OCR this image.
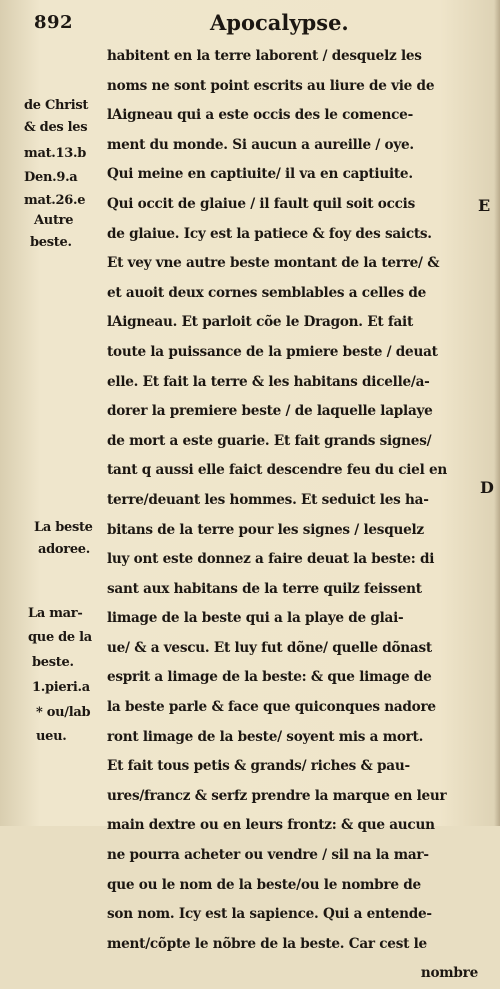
892	Apocalypse.
habitent en la terre laborent / desquelz les
noms ne sont point escrits au liure de vie de
lAigneau qui a este occis des le comence-
ment du monde. Si aucun a aureille / oye.
Qui meine en captiuite/ il va en captiuite.
Qui occit de glaiue / il fault quil soit occis
de glaiue. Icy est la patiece & foy des saicts.
Et vey vne autre beste montant de la terre/ &
et auoit deux cornes semblables a celles de
lAigneau. Et parloit cõe le Dragon. Et fait
toute la puissance de la pmiere beste / deuat
elle. Et fait la terre & les habitans dicelle/a-
dorer la premiere beste / de laquelle laplaye
de mort a este guarie. Et fait grands signes/
tant q aussi elle faict descendre feu du ciel en
terre/deuant les hommes. Et seduict les ha-
bitans de la terre pour les signes / lesquelz
luy ont este donnez a faire deuat la beste: di
sant aux habitans de la terre quilz feissent
limage de la beste qui a la playe de glai-
ue/ & a vescu. Et luy fut dõne/ quelle dõnast
esprit a limage de la beste: & que limage de
la beste parle & face que quiconques nadore
ront limage de la beste/ soyent mis a mort.
Et fait tous petis & grands/ riches & pau-
ures/francz & serfz prendre la marque en leur
main dextre ou en leurs frontz: & que aucun
ne pourra acheter ou vendre / sil na la mar-
que ou le nom de la beste/ou le nombre de
son nom. Icy est la sapience. Qui a entende-
ment/cõpte le nõbre de la beste. Car cest le
nombre
de Christ
& des les
mat.13.b
Den.9.a
mat.26.e
Autre
beste.
La beste
adoree.
La mar-
que de la
beste.
1.pieri.a
* ou/lab
ueu.
E
D
